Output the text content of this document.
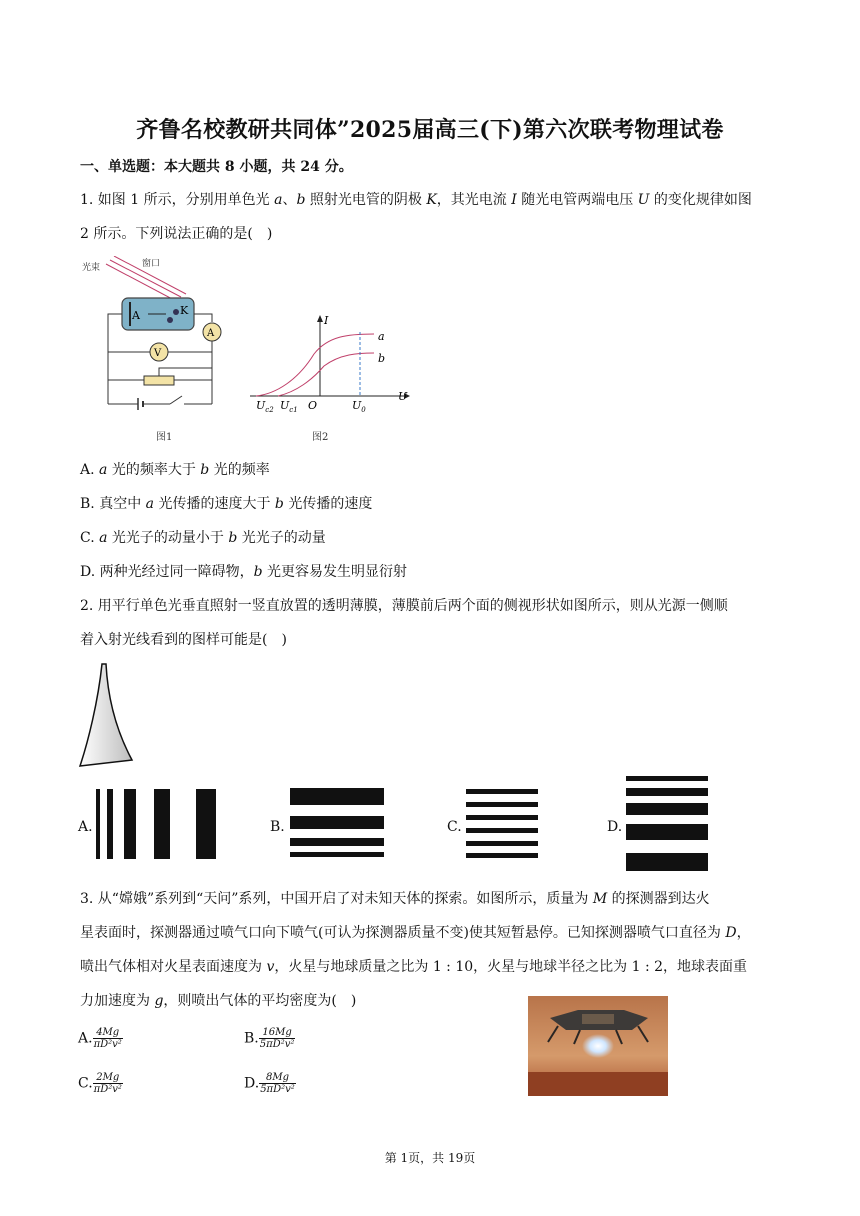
齐鲁名校教研共同体”2025届高三(下)第六次联考物理试卷
一、单选题：本大题共 8 小题，共 24 分。
1. 如图 1 所示，分别用单色光 a、b 照射光电管的阴极 K，其光电流 I 随光电管两端电压 U 的变化规律如图
2 所示。下列说法正确的是(　)
光束	窗口
A	K
A
V
图1
I
U
a
b
O
$U_{c2}$ $U_{c1}$	$U_0$
图2
A. a 光的频率大于 b 光的频率
B. 真空中 a 光传播的速度大于 b 光传播的速度
C. a 光光子的动量小于 b 光光子的动量
D. 两种光经过同一障碍物，b 光更容易发生明显衍射
2. 用平行单色光垂直照射一竖直放置的透明薄膜，薄膜前后两个面的侧视形状如图所示，则从光源一侧顺
着入射光线看到的图样可能是(　)
A.	B.	C.	D.
3. 从“嫦娥”系列到“天问”系列，中国开启了对未知天体的探索。如图所示，质量为 M 的探测器到达火
星表面时，探测器通过喷气口向下喷气(可认为探测器质量不变)使其短暂悬停。已知探测器喷气口直径为 D，
喷出气体相对火星表面速度为 v，火星与地球质量之比为 1 : 10，火星与地球半径之比为 1 : 2，地球表面重
力加速度为 g，则喷出气体的平均密度为(　)
A. $\frac{4Mg}{\text{πD²v²}}$	B. $\frac{16Mg}{\text{5πD²v²}}$
C. $\frac{2Mg}{\text{πD²v²}}$	D. $\frac{8Mg}{\text{5πD²v²}}$
第 1页，共 19页
